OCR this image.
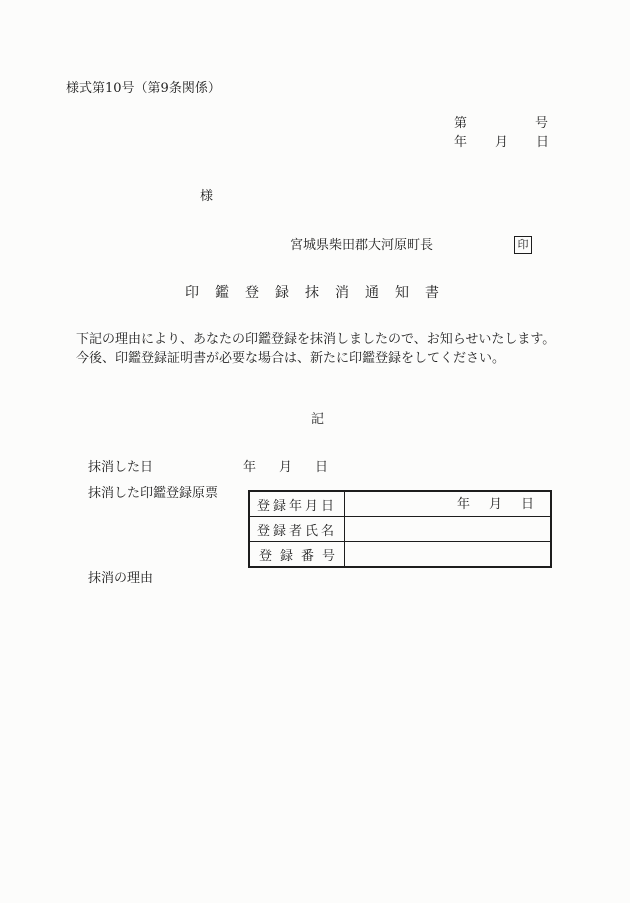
様式第10号（第9条関係）
第	号
年 月 日
様
宮城県柴田郡大河原町長	印
印鑑登録抹消通知書
下記の理由により、あなたの印鑑登録を抹消しましたので、お知らせいたします。
今後、印鑑登録証明書が必要な場合は、新たに印鑑登録をしてください。
記
抹消した日	年 月 日
抹消した印鑑登録原票
登録年月日	年 月 日

登録者氏名	
登録番号	
抹消の理由
